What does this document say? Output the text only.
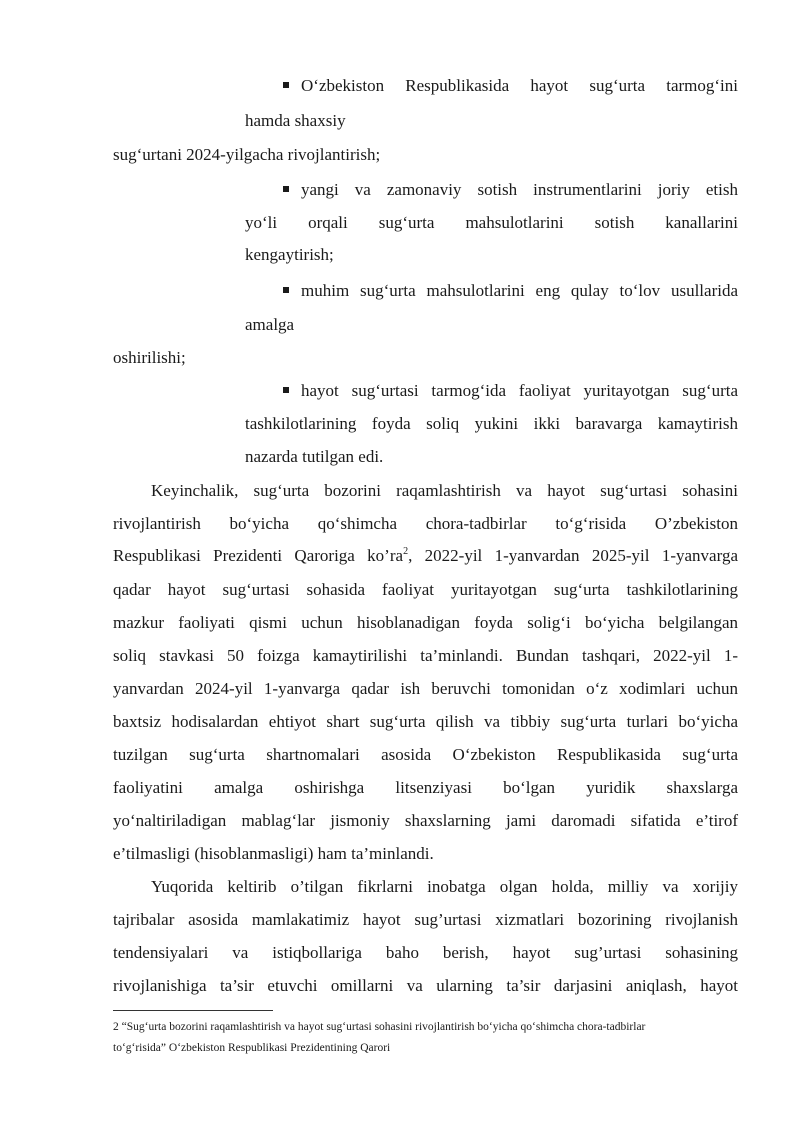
O‘zbekiston Respublikasida hayot sug‘urta tarmog‘ini
hamda shaxsiy
sug‘urtani 2024-yilgacha rivojlantirish;
yangi va zamonaviy sotish instrumentlarini joriy etish
yo‘li orqali sug‘urta mahsulotlarini sotish kanallarini
kengaytirish;
muhim sug‘urta mahsulotlarini eng qulay to‘lov usullarida
amalga
oshirilishi;
hayot sug‘urtasi tarmog‘ida faoliyat yuritayotgan sug‘urta
tashkilotlarining foyda soliq yukini ikki baravarga kamaytirish
nazarda tutilgan edi.
Keyinchalik, sug‘urta bozorini raqamlashtirish va hayot sug‘urtasi sohasini
rivojlantirish bo‘yicha qo‘shimcha chora-tadbirlar to‘g‘risida O’zbekiston
Respublikasi Prezidenti Qaroriga $ko’ra^2$, 2022-yil 1-yanvardan 2025-yil 1-yanvarga
qadar hayot sug‘urtasi sohasida faoliyat yuritayotgan sug‘urta tashkilotlarining
mazkur faoliyati qismi uchun hisoblanadigan foyda solig‘i bo‘yicha belgilangan
soliq stavkasi 50 foizga kamaytirilishi ta’minlandi. Bundan tashqari, 2022-yil 1-
yanvardan 2024-yil 1-yanvarga qadar ish beruvchi tomonidan o‘z xodimlari uchun
baxtsiz hodisalardan ehtiyot shart sug‘urta qilish va tibbiy sug‘urta turlari bo‘yicha
tuzilgan sug‘urta shartnomalari asosida O‘zbekiston Respublikasida sug‘urta
faoliyatini amalga oshirishga litsenziyasi bo‘lgan yuridik shaxslarga
yo‘naltiriladigan mablag‘lar jismoniy shaxslarning jami daromadi sifatida e’tirof
e’tilmasligi (hisoblanmasligi) ham ta’minlandi.
Yuqorida keltirib o’tilgan fikrlarni inobatga olgan holda, milliy va xorijiy
tajribalar asosida mamlakatimiz hayot sug’urtasi xizmatlari bozorining rivojlanish
tendensiyalari va istiqbollariga baho berish, hayot sug’urtasi sohasining
rivojlanishiga ta’sir etuvchi omillarni va ularning ta’sir darjasini aniqlash, hayot
2 “Sug‘urta bozorini raqamlashtirish va hayot sug‘urtasi sohasini rivojlantirish bo‘yicha qo‘shimcha chora-tadbirlar
to‘g‘risida” O‘zbekiston Respublikasi Prezidentining Qarori
